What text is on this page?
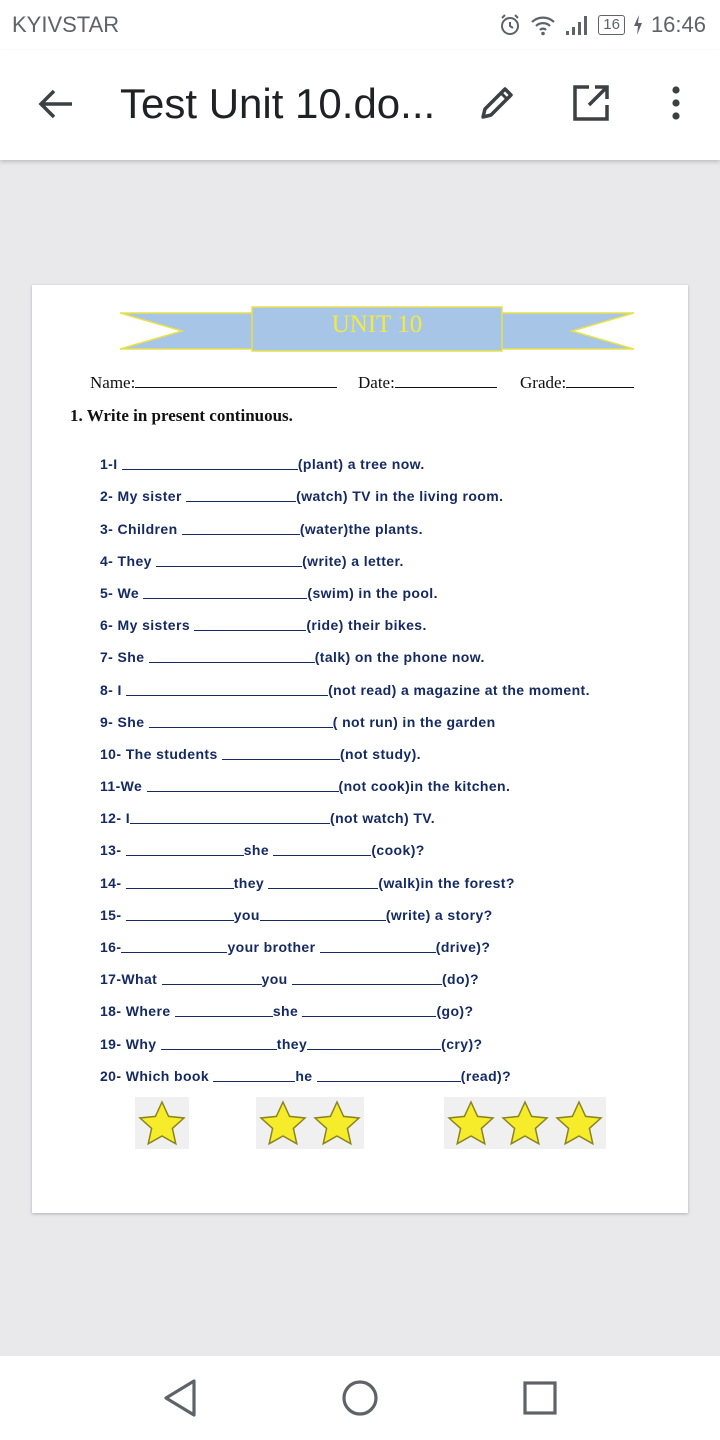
KYIVSTAR	16 16:46
Test Unit 10.do...
UNIT 10
Name:	Date:	Grade:
1. Write in present continuous.
1-I
	(plant) a tree now.
2- My sister
	(watch) TV in the living room.
3- Children
	(water)the plants.
4- They
	(write) a letter.
5- We
	(swim) in the pool.
6- My sisters
	(ride) their bikes.
7- She
	(talk) on the phone now.
8- I
	(not read) a magazine at the moment.
9- She
	( not run) in the garden
10- The students
	(not study).
11-We
	(not cook)in the kitchen.
12- I	(not watch) TV.
13-
	she
	(cook)?
14-
	they
	(walk)in the forest?
15-
	you	(write) a story?
16-	your brother
	(drive)?
17-What
	you
	(do)?
18- Where
	she
	(go)?
19- Why
	they	(cry)?
20- Which book
	he
	(read)?
